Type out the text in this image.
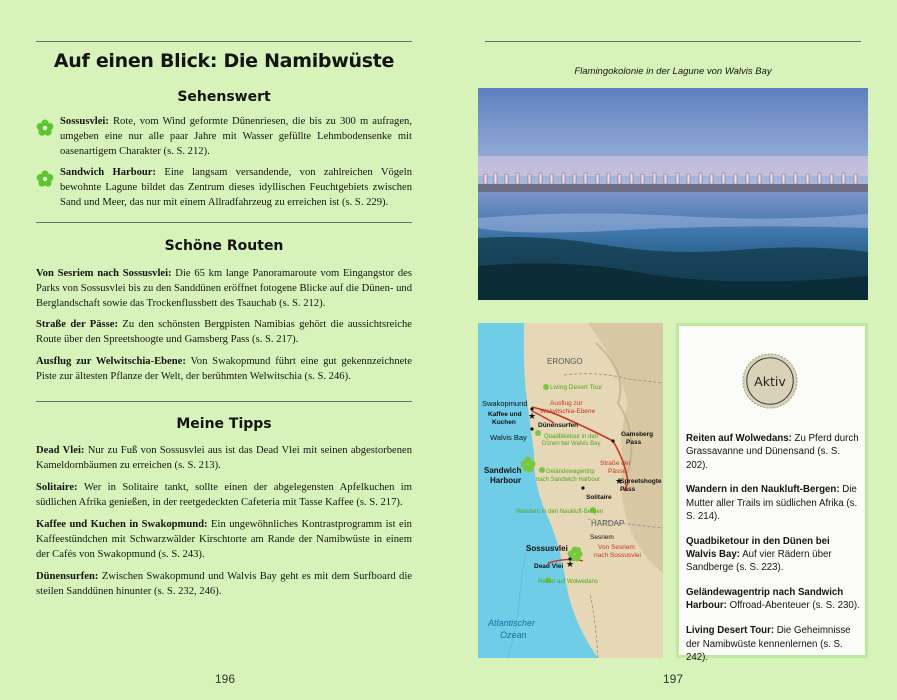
Auf einen Blick: Die Namibwüste
Sehenswert
Sossusvlei: Rote, vom Wind geformte Dünenriesen, die bis zu 300 m aufragen, umgeben eine nur alle paar Jahre mit Wasser gefüllte Lehmbodensenke mit oasenartigem Charakter (s. S. 212).
Sandwich Harbour: Eine langsam versandende, von zahlreichen Vögeln bewohnte Lagune bildet das Zentrum dieses idyllischen Feuchtgebiets zwischen Sand und Meer, das nur mit einem Allradfahrzeug zu erreichen ist (s. S. 229).
Schöne Routen
Von Sesriem nach Sossusvlei: Die 65 km lange Panoramaroute vom Eingangstor des Parks von Sossusvlei bis zu den Sanddünen eröffnet fotogene Blicke auf die Dünen- und Berglandschaft sowie das Trockenflussbett des Tsauchab (s. S. 212).
Straße der Pässe: Zu den schönsten Bergpisten Namibias gehört die aussichtsreiche Route über den Spreetshoogte und Gamsberg Pass (s. S. 217).
Ausflug zur Welwitschia-Ebene: Von Swakopmund führt eine gut gekennzeichnete Piste zur ältesten Pflanze der Welt, der berühmten Welwitschia (s. S. 246).
Meine Tipps
Dead Vlei: Nur zu Fuß von Sossusvlei aus ist das Dead Vlei mit seinen abgestorbenen Kameldornbäumen zu erreichen (s. S. 213).
Solitaire: Wer in Solitaire tankt, sollte einen der abgelegensten Apfelkuchen im südlichen Afrika genießen, in der reetgedeckten Cafeteria mit Tasse Kaffee (s. S. 217).
Kaffee und Kuchen in Swakopmund: Ein ungewöhnliches Kontrastprogramm ist ein Kaffeestündchen mit Schwarzwälder Kirschtorte am Rande der Namibwüste in einem der Cafés von Swakopmund (s. S. 243).
Dünensurfen: Zwischen Swakopmund und Walvis Bay geht es mit dem Surfboard die steilen Sanddünen hinunter (s. S. 232, 246).
196
Flamingokolonie in der Lagune von Walvis Bay
★
★
★
ERONGO
HARDAP
Swakopmund
Kaffee und
Kuchen	Dünensurfen
Walvis Bay
Sandwich
Harbour
Gamsberg
Pass
Spreetshogte
Pass
Solitaire
Sesriem
Sossusvlei
Dead Vlei
Atlantischer
Ozean
Living Desert Tour
Ausflug zur
Welwitschia-Ebene
Quadbiketour in den
Dünen bei Walvis Bay
Geländewagentrip
nach Sandwich Harbour
Straße der
Pässe
Wandern in den Naukluft-Bergen
Von Sesriem
nach Sossusvlei
Reiten auf Wolwedans
Aktiv

Reiten auf Wolwedans: Zu Pferd durch Grassavanne und Dünensand (s. S. 202).

Wandern in den Naukluft-Bergen: Die Mutter aller Trails im südlichen Afrika (s. S. 214).

Quadbiketour in den Dünen bei Walvis Bay: Auf vier Rädern über Sandberge (s. S. 223).

Geländewagentrip nach Sandwich Harbour: Offroad-Abenteuer (s. S. 230).

Living Desert Tour: Die Geheimnisse der Namibwüste kennenlernen (s. S. 242).

197
